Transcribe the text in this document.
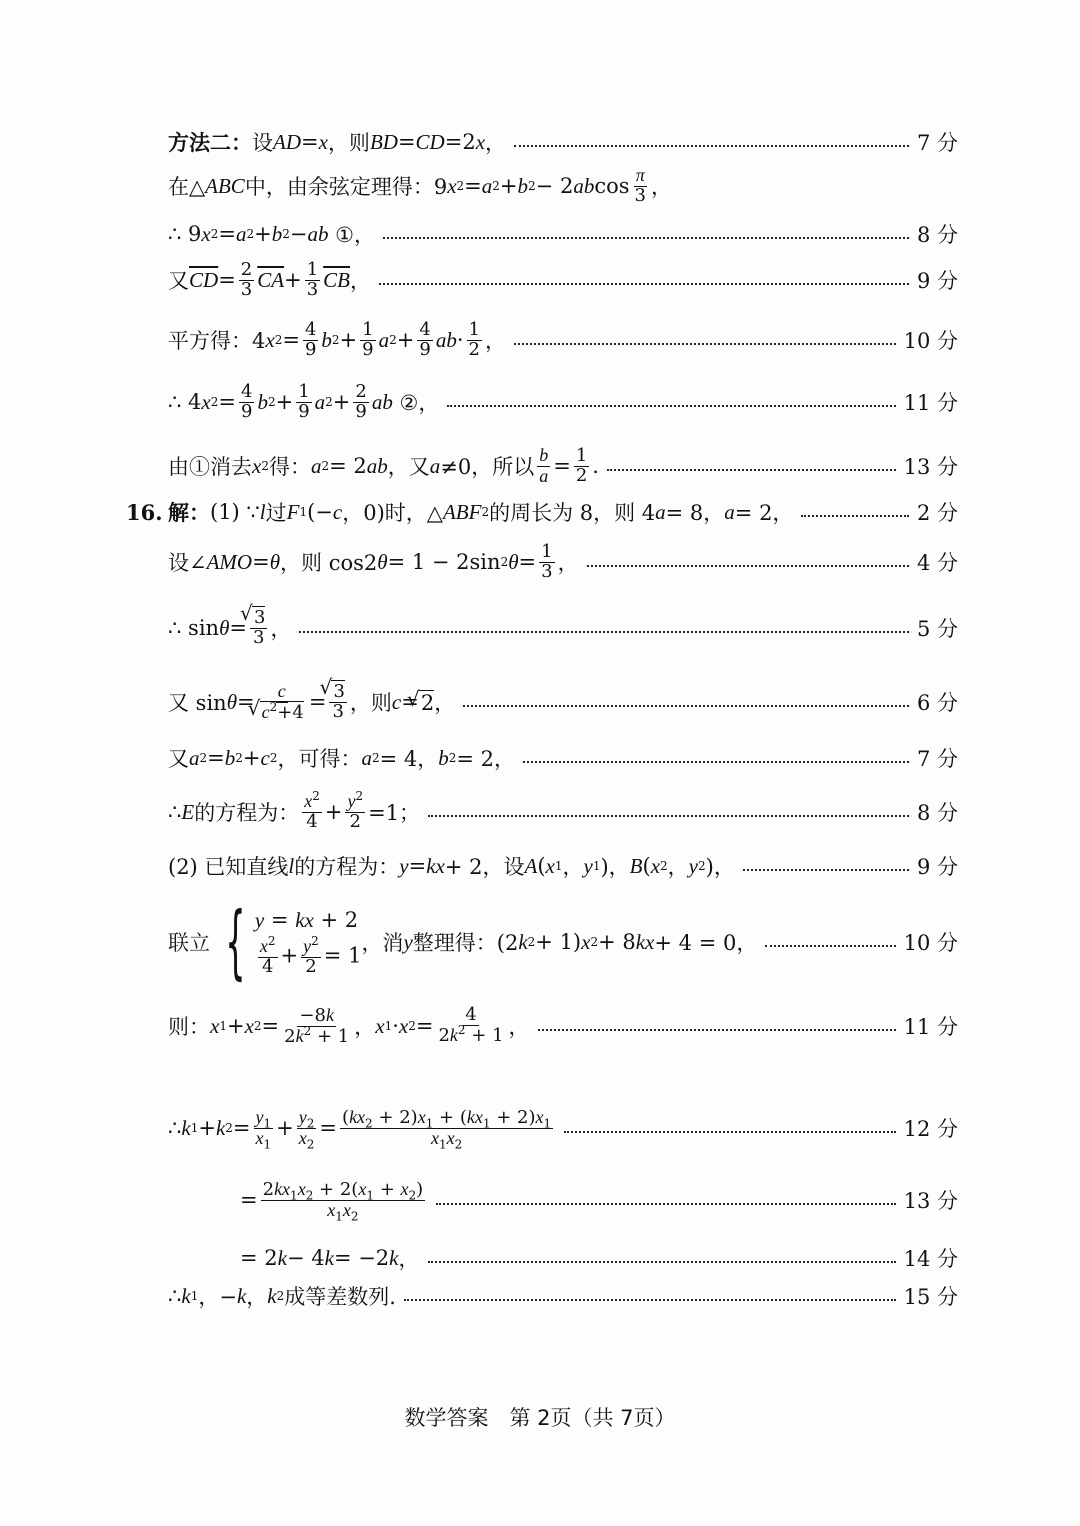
方法二： 设 AD = x ，则 BD = CD =2 x ，	7 分
在△ ABC 中，由余弦定理得：9 x 2 = a 2 + b 2 − 2 ab $\cos \frac{\pi}{3}$ ，
∴ 9 x 2 = a 2 + b 2 − ab ①，	8 分
又 $\overline{CD} = \frac{2}{3} \overline{CA} + \frac{1}{3} \overline{CB}$ ，	9 分
平方得：4 x $2 = \frac{4}{9}$ b $2 + \frac{1}{9}$ a $2 + \frac{4}{9}$ ab · $\frac{1}{2}$ ，	10 分
∴ 4 x $2 = \frac{4}{9}$ b $2 + \frac{1}{9}$ a $2 + \frac{2}{9}$ ab ②，	11 分
由①消去 x 2 得： a 2 = 2 ab ，又 a ≠0，所以 $\frac{b}{a} = \frac{1}{2}$ .	13 分
16. 解： (1) ∵ l 过 F 1 (− c ，0)时，△ ABF 2 的周长为 8，则 4 a = 8， a = 2，	2 分
设∠ AMO = θ ，则 cos2 θ = 1 − 2sin 2 $\theta = \frac{1}{3}$ ，	4 分
∴ sin θ = √ $\frac{3}{3}$ ，	5 分
又 sin θ = c
√ $c^2+4$ = √ $\frac{3}{3}$ ，则 c = √ 2 ，	6 分
又 a 2 = b 2 + c 2 ，可得： a 2 = 4， b 2 = 2，	7 分
∴ E 的方程为： $\frac{x^2}{4} + \frac{y^2}{2} =1$；	8 分
(2) 已知直线 l 的方程为： y = kx + 2，设 A ( x 1 ， y 1 )， B ( x 2 ， y 2 )，	9 分
联立 { y = kx + 2
$\frac{x^2}{4} + \frac{y^2}{2} = 1$ ，消 y 整理得：(2 k 2 + 1) x 2 + 8 kx + 4 = 0，	10 分
则： x 1 + x $2 = \frac{-8k}{2k^2 + 1}$ ， x 1 · x $2 = \frac{4}{2k^2 + 1}$ ，	11 分
∴ k 1 + k $2 = \frac{y_1}{x_1} + \frac{y_2}{x_2} = \frac{(kx_2 + 2)x_1 + (kx_1 + 2)x_1}{x_1x_2}$	12 分
= $\frac{2kx_1x_2 + 2(x_1 + x_2)}{x_1x_2}$	13 分
= 2 k − 4 k = −2 k ，	14 分
∴ k 1 ，− k ， k 2 成等差数列.	15 分
数学答案　第 2页（共 7页）
